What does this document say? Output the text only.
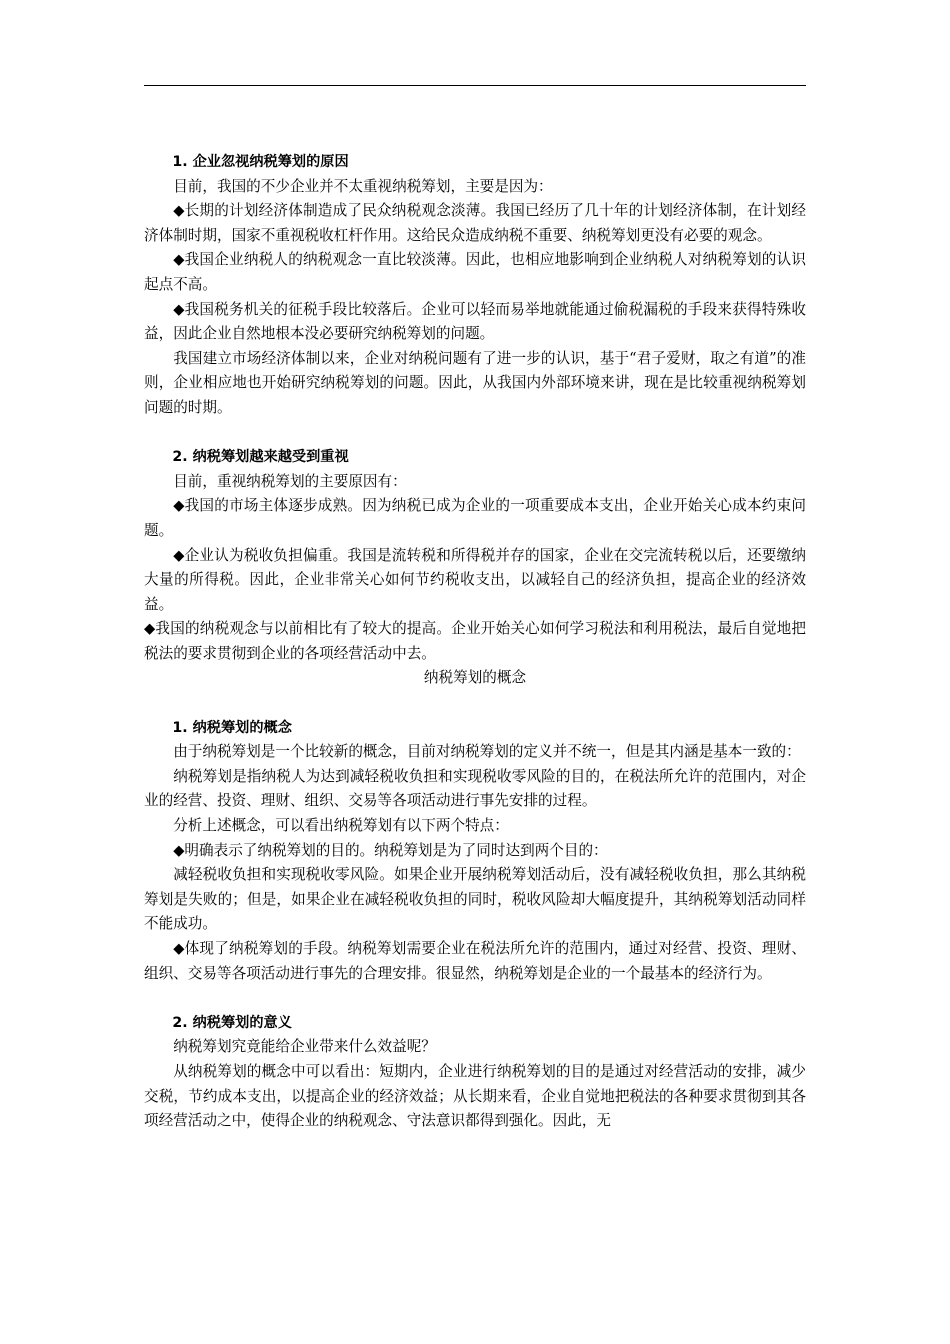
1. 企业忽视纳税筹划的原因

目前，我国的不少企业并不太重视纳税筹划，主要是因为：

◆长期的计划经济体制造成了民众纳税观念淡薄。我国已经历了几十年的计划经济体制，在计划经济体制时期，国家不重视税收杠杆作用。这给民众造成纳税不重要、纳税筹划更没有必要的观念。

◆我国企业纳税人的纳税观念一直比较淡薄。因此，也相应地影响到企业纳税人对纳税筹划的认识起点不高。

◆我国税务机关的征税手段比较落后。企业可以轻而易举地就能通过偷税漏税的手段来获得特殊收益，因此企业自然地根本没必要研究纳税筹划的问题。

我国建立市场经济体制以来，企业对纳税问题有了进一步的认识，基于“君子爱财，取之有道”的准则，企业相应地也开始研究纳税筹划的问题。因此，从我国内外部环境来讲，现在是比较重视纳税筹划问题的时期。

2. 纳税筹划越来越受到重视

目前，重视纳税筹划的主要原因有：

◆我国的市场主体逐步成熟。因为纳税已成为企业的一项重要成本支出，企业开始关心成本约束问题。

◆企业认为税收负担偏重。我国是流转税和所得税并存的国家，企业在交完流转税以后，还要缴纳大量的所得税。因此，企业非常关心如何节约税收支出，以减轻自己的经济负担，提高企业的经济效益。

◆我国的纳税观念与以前相比有了较大的提高。企业开始关心如何学习税法和利用税法，最后自觉地把税法的要求贯彻到企业的各项经营活动中去。

纳税筹划的概念

1. 纳税筹划的概念

由于纳税筹划是一个比较新的概念，目前对纳税筹划的定义并不统一，但是其内涵是基本一致的：

纳税筹划是指纳税人为达到减轻税收负担和实现税收零风险的目的，在税法所允许的范围内，对企业的经营、投资、理财、组织、交易等各项活动进行事先安排的过程。

分析上述概念，可以看出纳税筹划有以下两个特点：

◆明确表示了纳税筹划的目的。纳税筹划是为了同时达到两个目的：

减轻税收负担和实现税收零风险。如果企业开展纳税筹划活动后，没有减轻税收负担，那么其纳税筹划是失败的；但是，如果企业在减轻税收负担的同时，税收风险却大幅度提升，其纳税筹划活动同样不能成功。

◆体现了纳税筹划的手段。纳税筹划需要企业在税法所允许的范围内，通过对经营、投资、理财、组织、交易等各项活动进行事先的合理安排。很显然，纳税筹划是企业的一个最基本的经济行为。

2. 纳税筹划的意义

纳税筹划究竟能给企业带来什么效益呢？

从纳税筹划的概念中可以看出：短期内，企业进行纳税筹划的目的是通过对经营活动的安排，减少交税，节约成本支出，以提高企业的经济效益；从长期来看，企业自觉地把税法的各种要求贯彻到其各项经营活动之中，使得企业的纳税观念、守法意识都得到强化。因此，无
